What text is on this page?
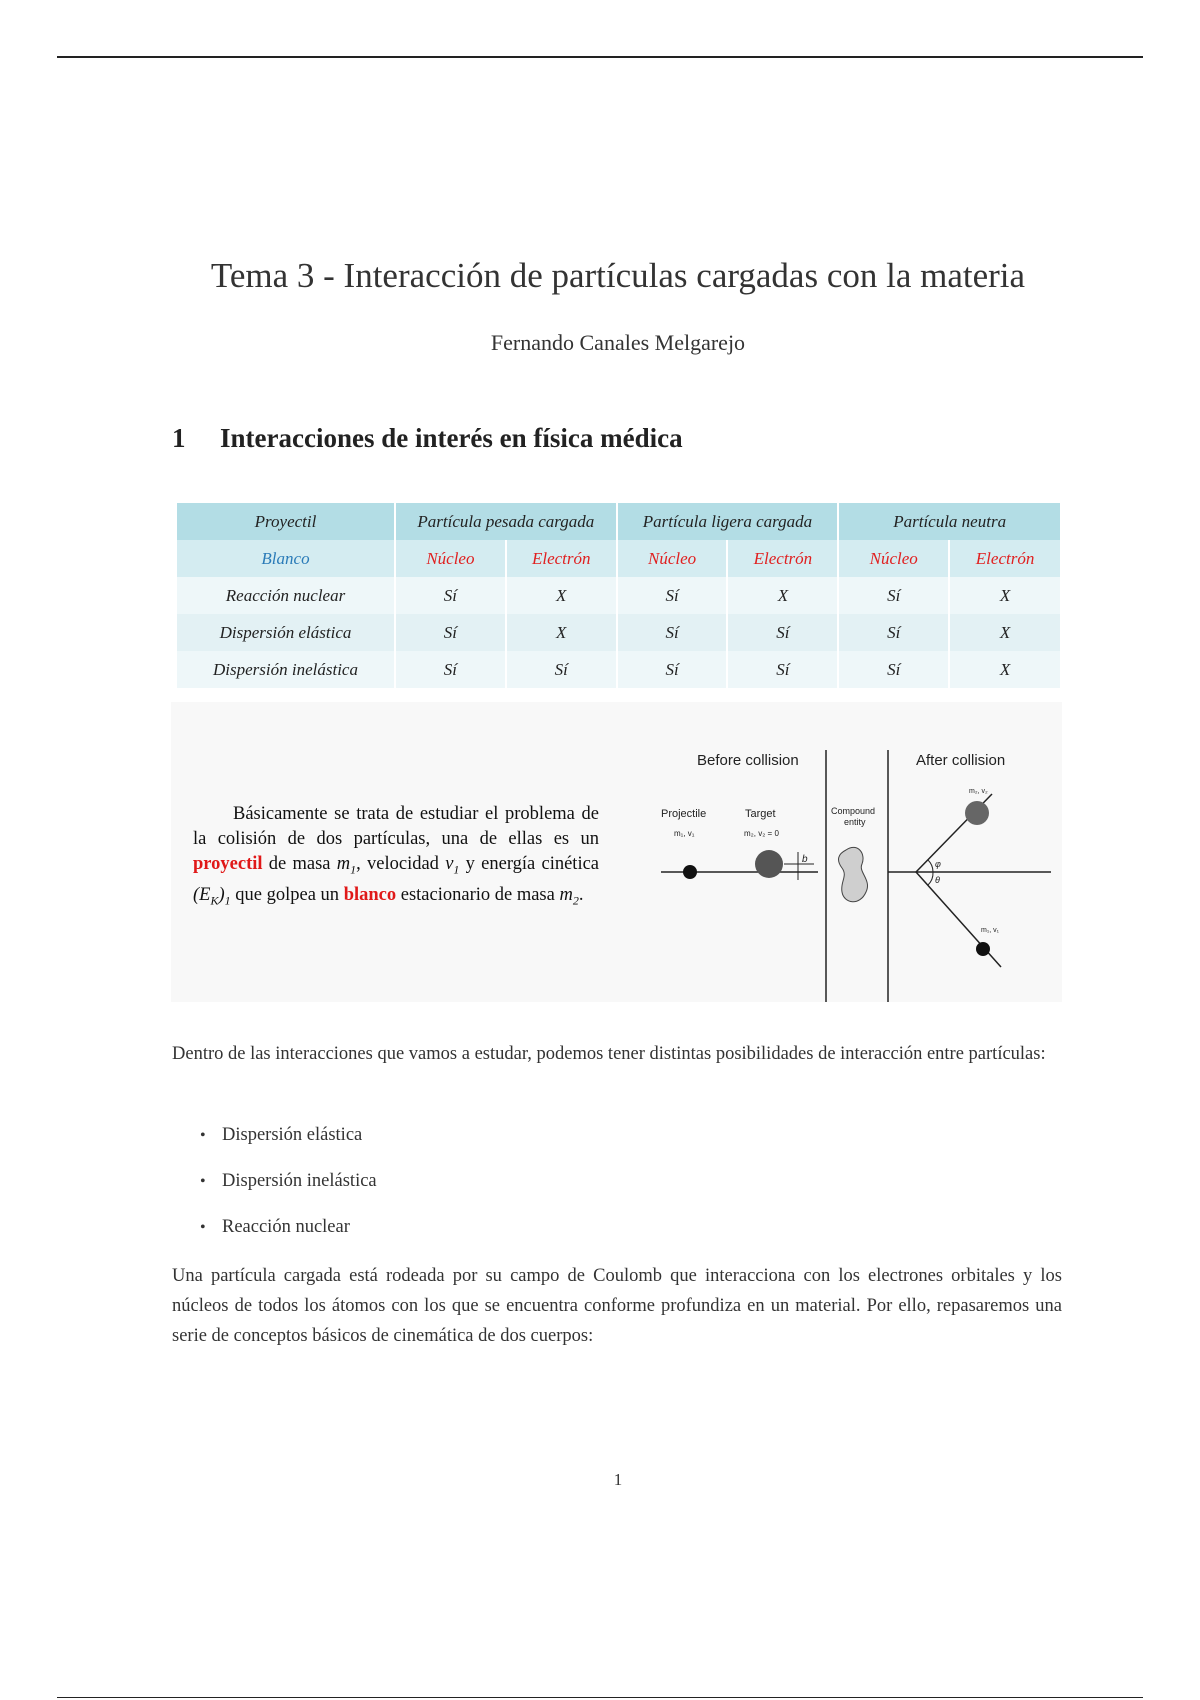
Tema 3 - Interacción de partículas cargadas con la materia
Fernando Canales Melgarejo
1 Interacciones de interés en física médica
Proyectil	Partícula pesada cargada		Partícula ligera cargada		Partícula neutra	
Blanco	Núcleo	Electrón	Núcleo	Electrón	Núcleo	Electrón
Reacción nuclear	Sí	X	Sí	X	Sí	X
Dispersión elástica	Sí	X	Sí	Sí	Sí	X
Dispersión inelástica	Sí	Sí	Sí	Sí	Sí	X
Básicamente se trata de estudiar el problema de la colisión de dos partículas, una de ellas es un proyectil de masa $m_1$, velocidad $v_1$ y energía cinética $(E_K)_1$ que golpea un blanco estacionario de masa $m_2$.
Before collision	After collision
Projectile
m₁, v₁
Target
m₂, v₂ = 0
Compound
entity
b
m₂, v₂
m₁, v₁
φ
θ
Dentro de las interacciones que vamos a estudar, podemos tener distintas posibilidades de interacción entre partículas:
• Dispersión elástica
• Dispersión inelástica
• Reacción nuclear
Una partícula cargada está rodeada por su campo de Coulomb que interacciona con los electrones orbitales y los núcleos de todos los átomos con los que se encuentra conforme profundiza en un material. Por ello, repasaremos una serie de conceptos básicos de cinemática de dos cuerpos:
1
